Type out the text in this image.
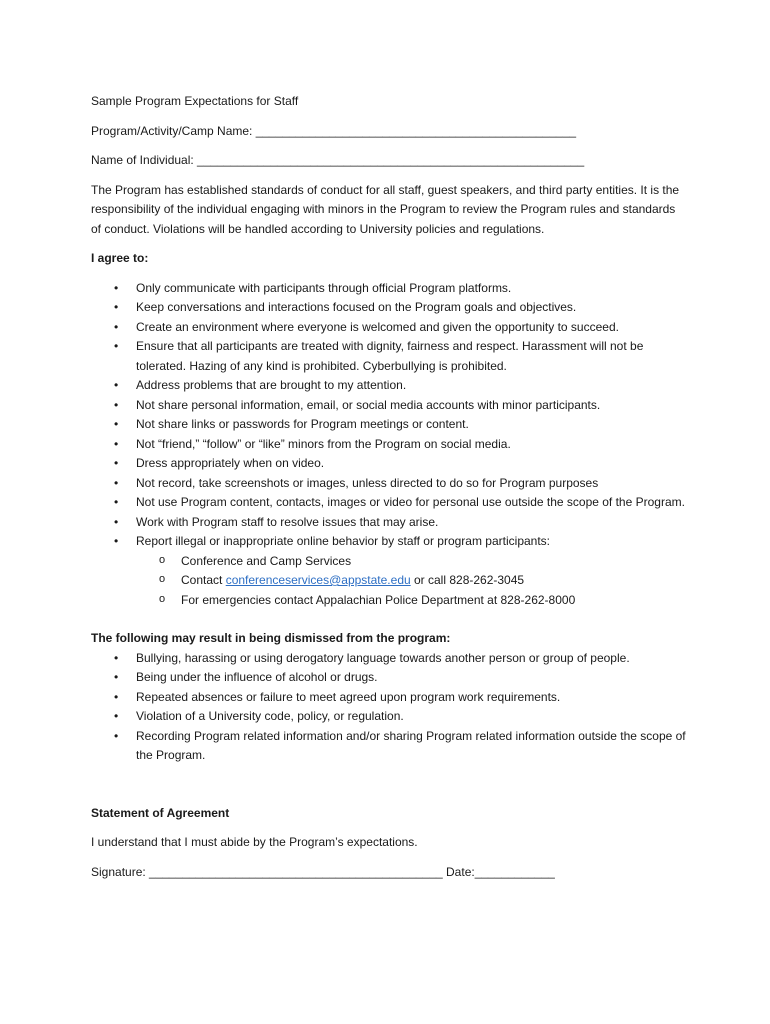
Sample Program Expectations for Staff

Program/Activity/Camp Name: ________________________________________________

Name of Individual: __________________________________________________________

The Program has established standards of conduct for all staff, guest speakers, and third party entities. It is the responsibility of the individual engaging with minors in the Program to review the Program rules and standards of conduct. Violations will be handled according to University policies and regulations.

I agree to:

• Only communicate with participants through official Program platforms.
• Keep conversations and interactions focused on the Program goals and objectives.
• Create an environment where everyone is welcomed and given the opportunity to succeed.
• Ensure that all participants are treated with dignity, fairness and respect. Harassment will not be tolerated. Hazing of any kind is prohibited. Cyberbullying is prohibited.
• Address problems that are brought to my attention.
• Not share personal information, email, or social media accounts with minor participants.
• Not share links or passwords for Program meetings or content.
• Not “friend,” “follow” or “like” minors from the Program on social media.
• Dress appropriately when on video.
• Not record, take screenshots or images, unless directed to do so for Program purposes
• Not use Program content, contacts, images or video for personal use outside the scope of the Program.
• Work with Program staff to resolve issues that may arise.
• Report illegal or inappropriate online behavior by staff or program participants:
o Conference and Camp Services
o Contact conferenceservices@appstate.edu or call 828-262-3045
o For emergencies contact Appalachian Police Department at 828-262-8000

The following may result in being dismissed from the program:

• Bullying, harassing or using derogatory language towards another person or group of people.
• Being under the influence of alcohol or drugs.
• Repeated absences or failure to meet agreed upon program work requirements.
• Violation of a University code, policy, or regulation.
• Recording Program related information and/or sharing Program related information outside the scope of the Program.

Statement of Agreement

I understand that I must abide by the Program’s expectations.

Signature: ____________________________________________ Date:____________
